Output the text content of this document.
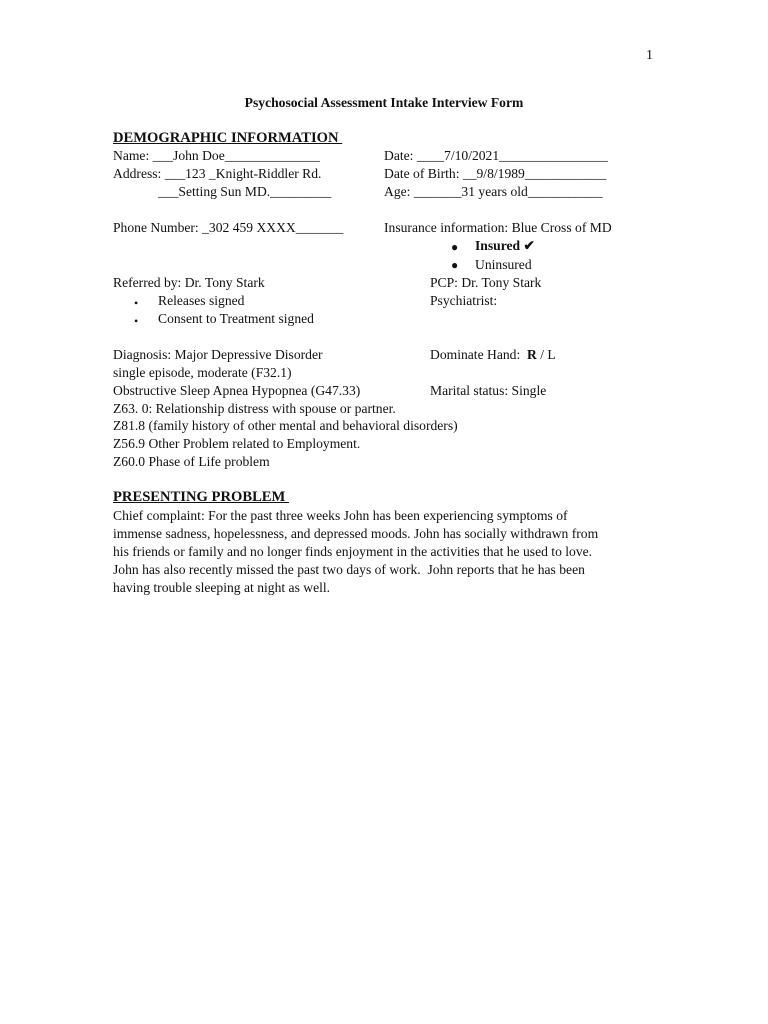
1
Psychosocial Assessment Intake Interview Form
DEMOGRAPHIC INFORMATION
Name: ___John Doe______________	Date: ____7/10/2021________________
Address: ___123 _Knight-Riddler Rd.	Date of Birth: __9/8/1989____________
___Setting Sun MD._________	Age: _______31 years old___________
Phone Number: _302 459 XXXX_______	Insurance information: Blue Cross of MD
● Insured ✔
● Uninsured
Referred by: Dr. Tony Stark	PCP: Dr. Tony Stark
• Releases signed	Psychiatrist:
• Consent to Treatment signed
Diagnosis: Major Depressive Disorder	Dominate Hand: R / L
single episode, moderate (F32.1)
Obstructive Sleep Apnea Hypopnea (G47.33)	Marital status: Single
Z63. 0: Relationship distress with spouse or partner.
Z81.8 (family history of other mental and behavioral disorders)
Z56.9 Other Problem related to Employment.
Z60.0 Phase of Life problem
PRESENTING PROBLEM
Chief complaint: For the past three weeks John has been experiencing symptoms of
immense sadness, hopelessness, and depressed moods. John has socially withdrawn from
his friends or family and no longer finds enjoyment in the activities that he used to love.
John has also recently missed the past two days of work.  John reports that he has been
having trouble sleeping at night as well.
